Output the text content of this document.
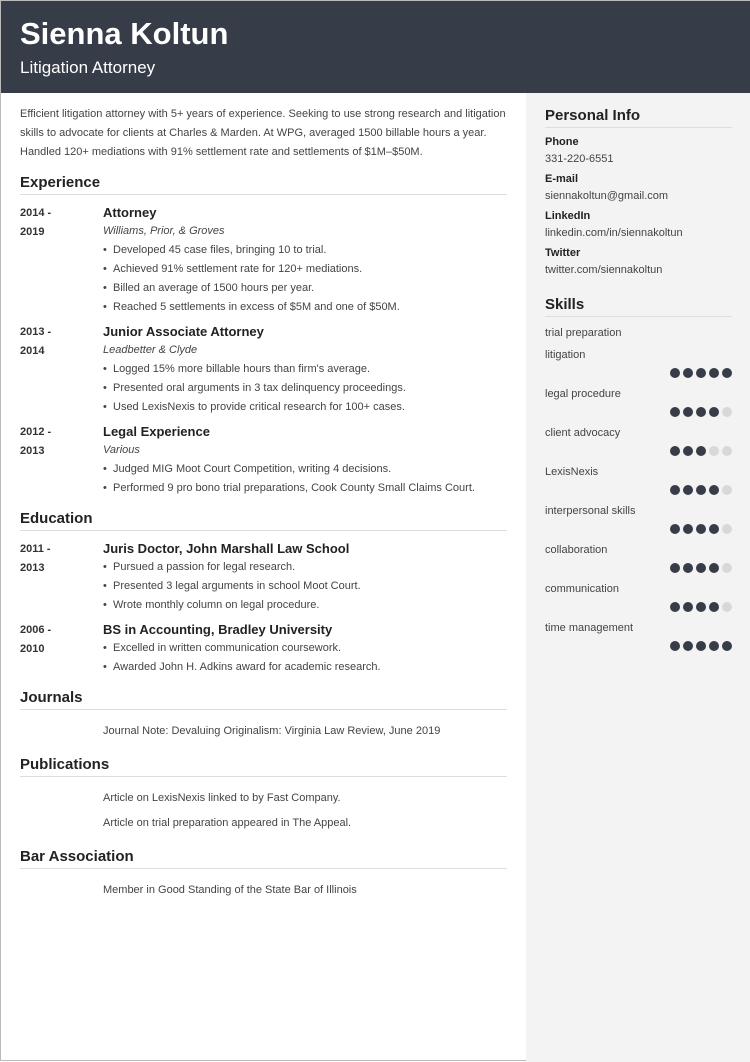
Sienna Koltun
Litigation Attorney
Efficient litigation attorney with 5+ years of experience. Seeking to use strong research and litigation skills to advocate for clients at Charles & Marden. At WPG, averaged 1500 billable hours a year. Handled 120+ mediations with 91% settlement rate and settlements of $1M–$50M.
Experience
2014 -
2019
Attorney
Williams, Prior, & Groves
• Developed 45 case files, bringing 10 to trial.
• Achieved 91% settlement rate for 120+ mediations.
• Billed an average of 1500 hours per year.
• Reached 5 settlements in excess of $5M and one of $50M.
2013 -
2014
Junior Associate Attorney
Leadbetter & Clyde
• Logged 15% more billable hours than firm's average.
• Presented oral arguments in 3 tax delinquency proceedings.
• Used LexisNexis to provide critical research for 100+ cases.
2012 -
2013
Legal Experience
Various
• Judged MIG Moot Court Competition, writing 4 decisions.
• Performed 9 pro bono trial preparations, Cook County Small Claims Court.
Education
2011 -
2013
Juris Doctor, John Marshall Law School
• Pursued a passion for legal research.
• Presented 3 legal arguments in school Moot Court.
• Wrote monthly column on legal procedure.
2006 -
2010
BS in Accounting, Bradley University
• Excelled in written communication coursework.
• Awarded John H. Adkins award for academic research.
Journals
Journal Note: Devaluing Originalism: Virginia Law Review, June 2019
Publications
Article on LexisNexis linked to by Fast Company.
Article on trial preparation appeared in The Appeal.
Bar Association
Member in Good Standing of the State Bar of Illinois
Personal Info
Phone
331-220-6551
E-mail
siennakoltun@gmail.com
LinkedIn
linkedin.com/in/siennakoltun
Twitter
twitter.com/siennakoltun
Skills
trial preparation
litigation
legal procedure
client advocacy
LexisNexis
interpersonal skills
collaboration
communication
time management
